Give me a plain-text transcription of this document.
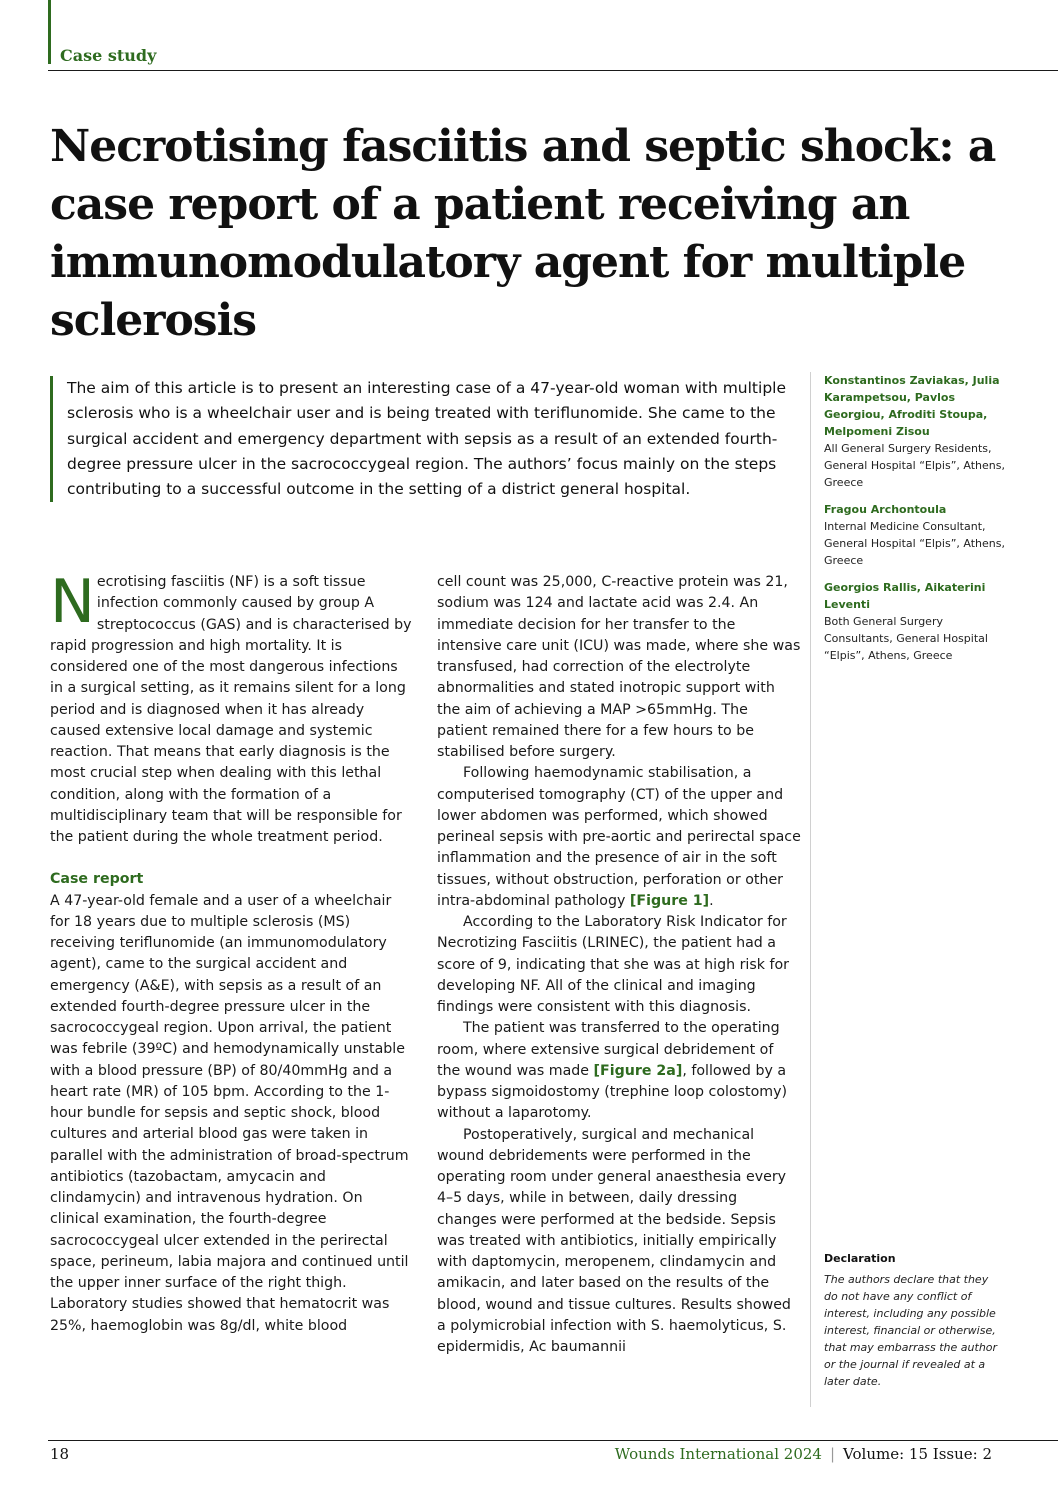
Case study
Necrotising fasciitis and septic shock: a case report of a patient receiving an immunomodulatory agent for multiple sclerosis
The aim of this article is to present an interesting case of a 47-year-old woman with multiple sclerosis who is a wheelchair user and is being treated with teriflunomide. She came to the surgical accident and emergency department with sepsis as a result of an extended fourth-degree pressure ulcer in the sacrococcygeal region. The authors’ focus mainly on the steps contributing to a successful outcome in the setting of a district general hospital.
Konstantinos Zaviakas, Julia Karampetsou, Pavlos Georgiou, Afroditi Stoupa, Melpomeni Zisou
All General Surgery Residents, General Hospital “Elpis”, Athens, Greece
Fragou Archontoula
Internal Medicine Consultant, General Hospital “Elpis”, Athens, Greece
Georgios Rallis, Aikaterini Leventi
Both General Surgery Consultants, General Hospital “Elpis”, Athens, Greece
Declaration
The authors declare that they do not have any conflict of interest, including any possible interest, financial or otherwise, that may embarrass the author or the journal if revealed at a later date.

Necrotising fasciitis (NF) is a soft tissue infection commonly caused by group A streptococcus (GAS) and is characterised by rapid progression and high mortality. It is considered one of the most dangerous infections in a surgical setting, as it remains silent for a long period and is diagnosed when it has already caused extensive local damage and systemic reaction. That means that early diagnosis is the most crucial step when dealing with this lethal condition, along with the formation of a multidisciplinary team that will be responsible for the patient during the whole treatment period.

Case report

A 47-year-old female and a user of a wheelchair for 18 years due to multiple sclerosis (MS) receiving teriflunomide (an immunomodulatory agent), came to the surgical accident and emergency (A&E), with sepsis as a result of an extended fourth-degree pressure ulcer in the sacrococcygeal region. Upon arrival, the patient was febrile (39ºC) and hemodynamically unstable with a blood pressure (BP) of 80/40mmHg and a heart rate (MR) of 105 bpm. According to the 1-hour bundle for sepsis and septic shock, blood cultures and arterial blood gas were taken in parallel with the administration of broad-spectrum antibiotics (tazobactam, amycacin and clindamycin) and intravenous hydration. On clinical examination, the fourth-degree sacrococcygeal ulcer extended in the perirectal space, perineum, labia majora and continued until the upper inner surface of the right thigh. Laboratory studies showed that hematocrit was 25%, haemoglobin was 8g/dl, white blood

cell count was 25,000, C-reactive protein was 21, sodium was 124 and lactate acid was 2.4. An immediate decision for her transfer to the intensive care unit (ICU) was made, where she was transfused, had correction of the electrolyte abnormalities and stated inotropic support with the aim of achieving a MAP >65mmHg. The patient remained there for a few hours to be stabilised before surgery.

Following haemodynamic stabilisation, a computerised tomography (CT) of the upper and lower abdomen was performed, which showed perineal sepsis with pre-aortic and perirectal space inflammation and the presence of air in the soft tissues, without obstruction, perforation or other intra-abdominal pathology [Figure 1].

According to the Laboratory Risk Indicator for Necrotizing Fasciitis (LRINEC), the patient had a score of 9, indicating that she was at high risk for developing NF. All of the clinical and imaging findings were consistent with this diagnosis.

The patient was transferred to the operating room, where extensive surgical debridement of the wound was made [Figure 2a], followed by a bypass sigmoidostomy (trephine loop colostomy) without a laparotomy.

Postoperatively, surgical and mechanical wound debridements were performed in the operating room under general anaesthesia every 4–5 days, while in between, daily dressing changes were performed at the bedside. Sepsis was treated with antibiotics, initially empirically with daptomycin, meropenem, clindamycin and amikacin, and later based on the results of the blood, wound and tissue cultures. Results showed a polymicrobial infection with S. haemolyticus, S. epidermidis, Ac baumannii

18	Wounds International 2024 | Volume: 15 Issue: 2
